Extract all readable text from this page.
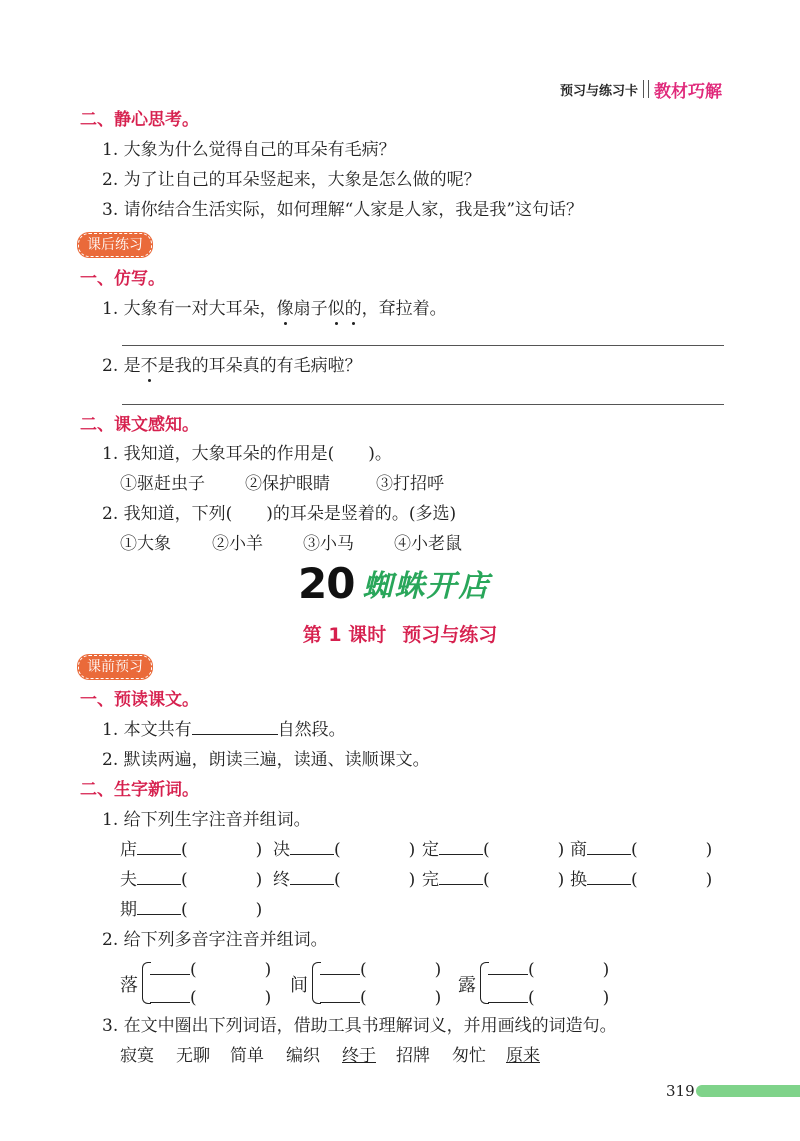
预习与练习卡 教材巧解
二、静心思考。
1. 大象为什么觉得自己的耳朵有毛病？
2. 为了让自己的耳朵竖起来，大象是怎么做的呢？
3. 请你结合生活实际，如何理解“人家是人家，我是我”这句话？
课后练习
一、仿写。
1. 大象有一对大耳朵，像扇子似的，耷拉着。
2. 是不是我的耳朵真的有毛病啦？
二、课文感知。
1. 我知道，大象耳朵的作用是(　　)。
①驱赶虫子 ②保护眼睛	③打招呼
2. 我知道，下列(　　)的耳朵是竖着的。(多选)
①大象 ②小羊 ③小马 ④小老鼠
20 蜘蛛开店
第 1 课时 预习与练习
课前预习
一、预读课文。
1. 本文共有	自然段。
2. 默读两遍，朗读三遍，读通、读顺课文。
二、生字新词。
1. 给下列生字注音并组词。
店	(　　　　) 决	(　　　　) 定	(　　　　) 商	(　　　　)
夫	(　　　　) 终	(　　　　) 完	(　　　　) 换	(　　　　)
期	(　　　　)
2. 给下列多音字注音并组词。
落
(　　　　)
(　　　　)
间
(　　　　)
(　　　　)
露
(　　　　)
(　　　　)
3. 在文中圈出下列词语，借助工具书理解词义，并用画线的词造句。
寂寞 无聊 简单 编织 终于 招牌 匆忙 原来
319
